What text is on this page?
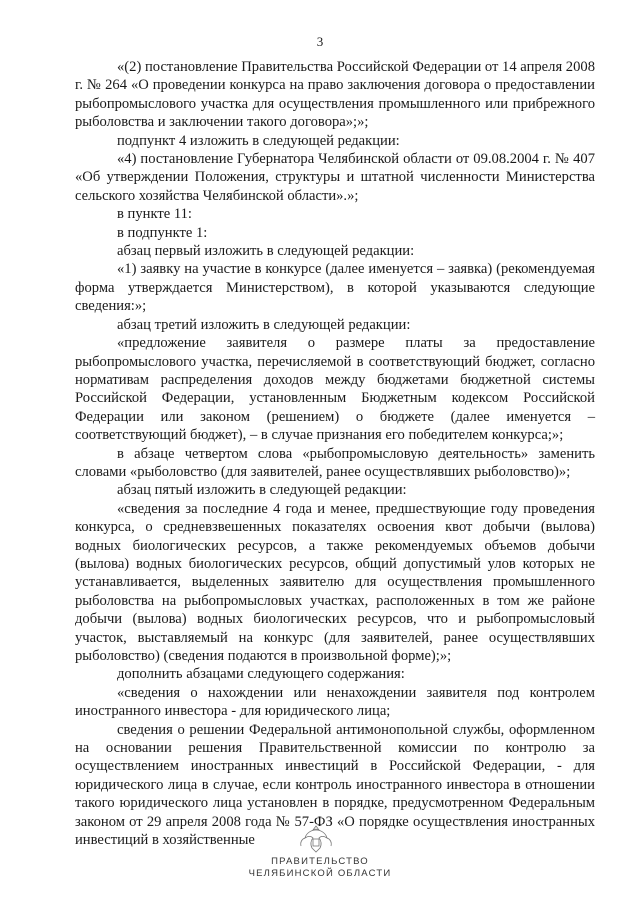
3

«(2) постановление Правительства Российской Федерации от 14 апреля 2008 г. № 264 «О проведении конкурса на право заключения договора о предоставлении рыбопромыслового участка для осуществления промышленного или прибрежного рыболовства и заключении такого договора»;»;

подпункт 4 изложить в следующей редакции:

«4) постановление Губернатора Челябинской области от 09.08.2004 г. № 407 «Об утверждении Положения, структуры и штатной численности Министерства сельского хозяйства Челябинской области».»;

в пункте 11:

в подпункте 1:

абзац первый изложить в следующей редакции:

«1) заявку на участие в конкурсе (далее именуется – заявка) (рекомендуемая форма утверждается Министерством), в которой указываются следующие сведения:»;

абзац третий изложить в следующей редакции:

«предложение заявителя о размере платы за предоставление рыбопромыслового участка, перечисляемой в соответствующий бюджет, согласно нормативам распределения доходов между бюджетами бюджетной системы Российской Федерации, установленным Бюджетным кодексом Российской Федерации или законом (решением) о бюджете (далее именуется – соответствующий бюджет), – в случае признания его победителем конкурса;»;

в абзаце четвертом слова «рыбопромысловую деятельность» заменить словами «рыболовство (для заявителей, ранее осуществлявших рыболовство)»;

абзац пятый изложить в следующей редакции:

«сведения за последние 4 года и менее, предшествующие году проведения конкурса, о средневзвешенных показателях освоения квот добычи (вылова) водных биологических ресурсов, а также рекомендуемых объемов добычи (вылова) водных биологических ресурсов, общий допустимый улов которых не устанавливается, выделенных заявителю для осуществления промышленного рыболовства на рыбопромысловых участках, расположенных в том же районе добычи (вылова) водных биологических ресурсов, что и рыбопромысловый участок, выставляемый на конкурс (для заявителей, ранее осуществлявших рыболовство) (сведения подаются в произвольной форме);»;

дополнить абзацами следующего содержания:

«сведения о нахождении или ненахождении заявителя под контролем иностранного инвестора - для юридического лица;

сведения о решении Федеральной антимонопольной службы, оформленном на основании решения Правительственной комиссии по контролю за осуществлением иностранных инвестиций в Российской Федерации, - для юридического лица в случае, если контроль иностранного инвестора в отношении такого юридического лица установлен в порядке, предусмотренном Федеральным законом от 29 апреля 2008 года № 57-ФЗ «О порядке осуществления иностранных инвестиций в хозяйственные

ПРАВИТЕЛЬСТВО
ЧЕЛЯБИНСКОЙ ОБЛАСТИ
